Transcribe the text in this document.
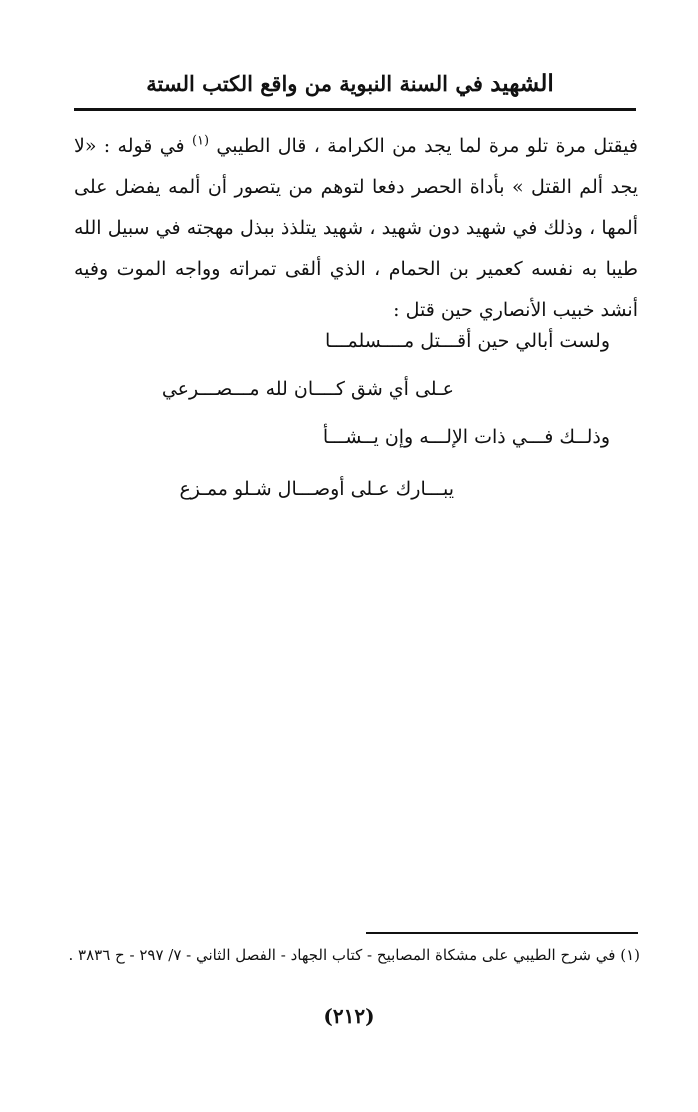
الشهيد في السنة النبوية من واقع الكتب الستة
فيقتل مرة تلو مرة لما يجد من الكرامة ، قال الطيبي $^{(١)}$ في قوله : «لا يجد ألم القتل » بأداة الحصر دفعا لتوهم من يتصور أن ألمه يفضل على ألمها ، وذلك في شهيد دون شهيد ، شهيد يتلذذ ببذل مهجته في سبيل الله طيبا به نفسه كعمير بن الحمام ، الذي ألقى تمراته وواجه الموت وفيه أنشد خبيب الأنصاري حين قتل :
ولست أبالي حين أقـــتل مــــسلمـــا
عـلى أي شق كــــان لله مـــصـــرعي
وذلــك فـــي ذات الإلـــه وإن يــشـــأ
يبـــارك عـلى أوصـــال شـلو ممـزع
(١) في شرح الطيبي على مشكاة المصابيح - كتاب الجهاد - الفصل الثاني - ٧/ ٢٩٧ - ح ٣٨٣٦ .
(٢١٢)
